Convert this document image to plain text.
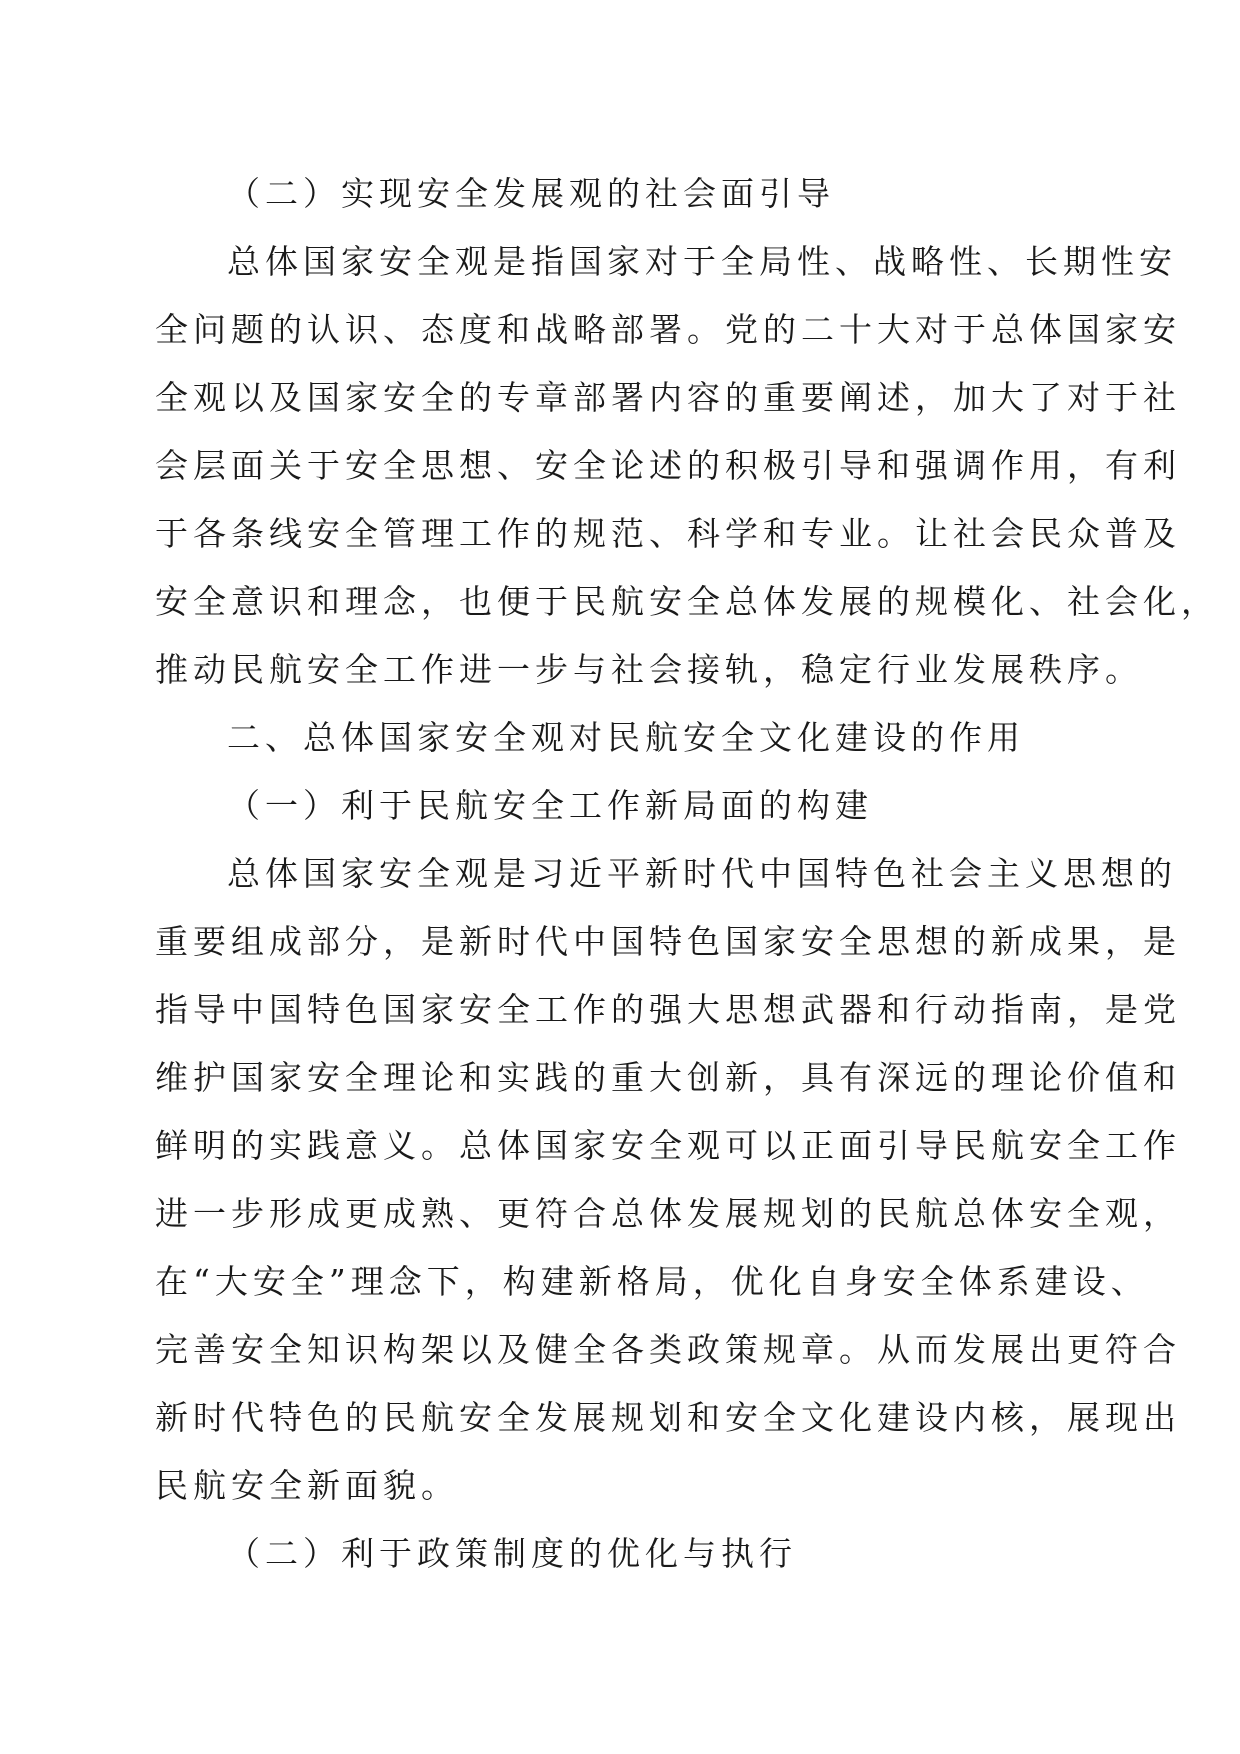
（二）实现安全发展观的社会面引导
总体国家安全观是指国家对于全局性、战略性、长期性安
全问题的认识、态度和战略部署。党的二十大对于总体国家安
全观以及国家安全的专章部署内容的重要阐述，加大了对于社
会层面关于安全思想、安全论述的积极引导和强调作用，有利
于各条线安全管理工作的规范、科学和专业。让社会民众普及
安全意识和理念，也便于民航安全总体发展的规模化、社会化，
推动民航安全工作进一步与社会接轨，稳定行业发展秩序。
二、总体国家安全观对民航安全文化建设的作用
（一）利于民航安全工作新局面的构建
总体国家安全观是习近平新时代中国特色社会主义思想的
重要组成部分，是新时代中国特色国家安全思想的新成果，是
指导中国特色国家安全工作的强大思想武器和行动指南，是党
维护国家安全理论和实践的重大创新，具有深远的理论价值和
鲜明的实践意义。总体国家安全观可以正面引导民航安全工作
进一步形成更成熟、更符合总体发展规划的民航总体安全观，
在“大安全”理念下，构建新格局，优化自身安全体系建设、
完善安全知识构架以及健全各类政策规章。从而发展出更符合
新时代特色的民航安全发展规划和安全文化建设内核，展现出
民航安全新面貌。
（二）利于政策制度的优化与执行
